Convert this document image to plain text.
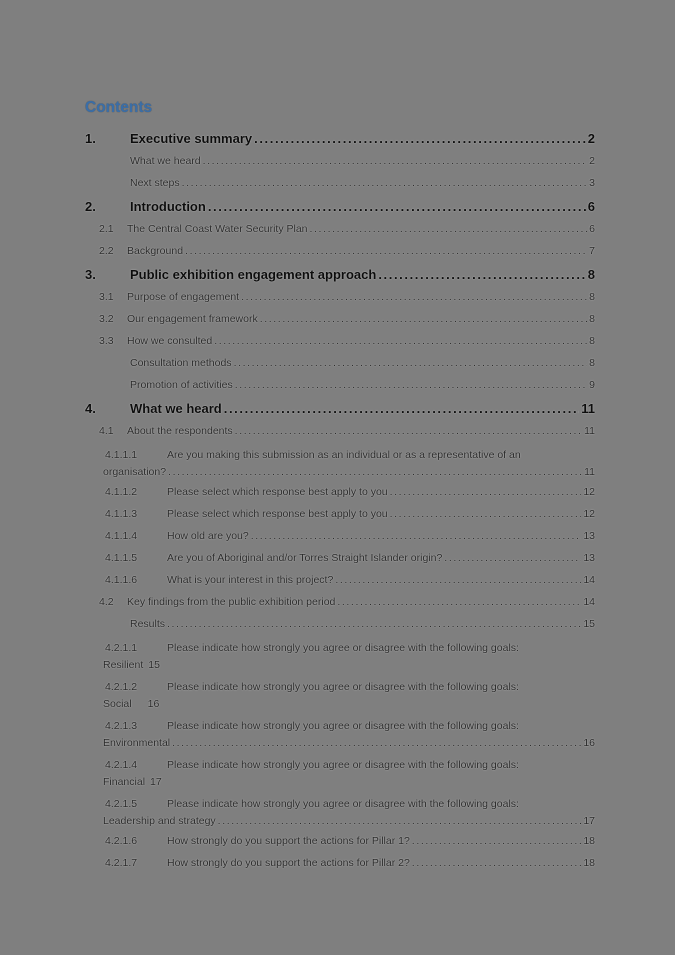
Contents
1.	Executive summary .....	2
What we heard .....	2
Next steps .....	3
2.	Introduction .....	6
2.1	The Central Coast Water Security Plan .....	6
2.2	Background .....	7
3.	Public exhibition engagement approach .....	8
3.1	Purpose of engagement .....	8
3.2	Our engagement framework .....	8
3.3	How we consulted .....	8
Consultation methods .....	8
Promotion of activities .....	9
4.	What we heard .....	11
4.1	About the respondents .....	11
4.1.1.1	Are you making this submission as an individual or as a representative of an
organisation? .....	11
4.1.1.2	Please select which response best apply to you .....	12
4.1.1.3	Please select which response best apply to you .....	12
4.1.1.4	How old are you? .....	13
4.1.1.5	Are you of Aboriginal and/or Torres Straight Islander origin? .....	13
4.1.1.6	What is your interest in this project? .....	14
4.2	Key findings from the public exhibition period .....	14
Results .....	15
4.2.1.1	Please indicate how strongly you agree or disagree with the following goals:
Resilient 15
4.2.1.2	Please indicate how strongly you agree or disagree with the following goals:
Social 16
4.2.1.3	Please indicate how strongly you agree or disagree with the following goals:
Environmental .....	16
4.2.1.4	Please indicate how strongly you agree or disagree with the following goals:
Financial 17
4.2.1.5	Please indicate how strongly you agree or disagree with the following goals:
Leadership and strategy .....	17
4.2.1.6	How strongly do you support the actions for Pillar 1? .....	18
4.2.1.7	How strongly do you support the actions for Pillar 2? .....	18
